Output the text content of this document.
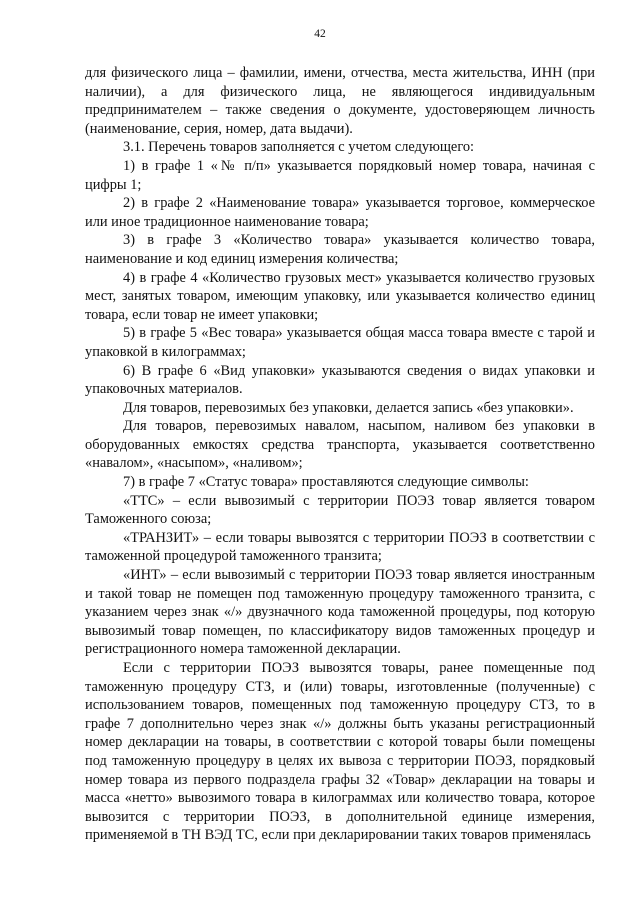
42

для физического лица – фамилии, имени, отчества, места жительства, ИНН (при наличии), а для физического лица, не являющегося индивидуальным предпринимателем – также сведения о документе, удостоверяющем личность (наименование, серия, номер, дата выдачи).

3.1. Перечень товаров заполняется с учетом следующего:

1) в графе 1 «№ п/п» указывается порядковый номер товара, начиная с цифры 1;

2) в графе 2 «Наименование товара» указывается торговое, коммерческое или иное традиционное наименование товара;

3) в графе 3 «Количество товара» указывается количество товара, наименование и код единиц измерения количества;

4) в графе 4 «Количество грузовых мест» указывается количество грузовых мест, занятых товаром, имеющим упаковку, или указывается количество единиц товара, если товар не имеет упаковки;

5) в графе 5 «Вес товара» указывается общая масса товара вместе с тарой и упаковкой в килограммах;

6) В графе 6 «Вид упаковки» указываются сведения о видах упаковки и упаковочных материалов.

Для товаров, перевозимых без упаковки, делается запись «без упаковки».

Для товаров, перевозимых навалом, насыпом, наливом без упаковки в оборудованных емкостях средства транспорта, указывается соответственно «навалом», «насыпом», «наливом»;

7) в графе 7 «Статус товара» проставляются следующие символы:

«ТТС» – если вывозимый с территории ПОЭЗ товар является товаром Таможенного союза;

«ТРАНЗИТ» – если товары вывозятся с территории ПОЭЗ в соответствии с таможенной процедурой таможенного транзита;

«ИНТ» – если вывозимый с территории ПОЭЗ товар является иностранным и такой товар не помещен под таможенную процедуру таможенного транзита, с указанием через знак «/» двузначного кода таможенной процедуры, под которую вывозимый товар помещен, по классификатору видов таможенных процедур и регистрационного номера таможенной декларации.

Если с территории ПОЭЗ вывозятся товары, ранее помещенные под таможенную процедуру СТЗ, и (или) товары, изготовленные (полученные) с использованием товаров, помещенных под таможенную процедуру СТЗ, то в графе 7 дополнительно через знак «/» должны быть указаны регистрационный номер декларации на товары, в соответствии с которой товары были помещены под таможенную процедуру в целях их вывоза с территории ПОЭЗ, порядковый номер товара из первого подраздела графы 32 «Товар» декларации на товары и масса «нетто» вывозимого товара в килограммах или количество товара, которое вывозится с территории ПОЭЗ, в дополнительной единице измерения, применяемой в ТН ВЭД ТС, если при декларировании таких товаров применялась
